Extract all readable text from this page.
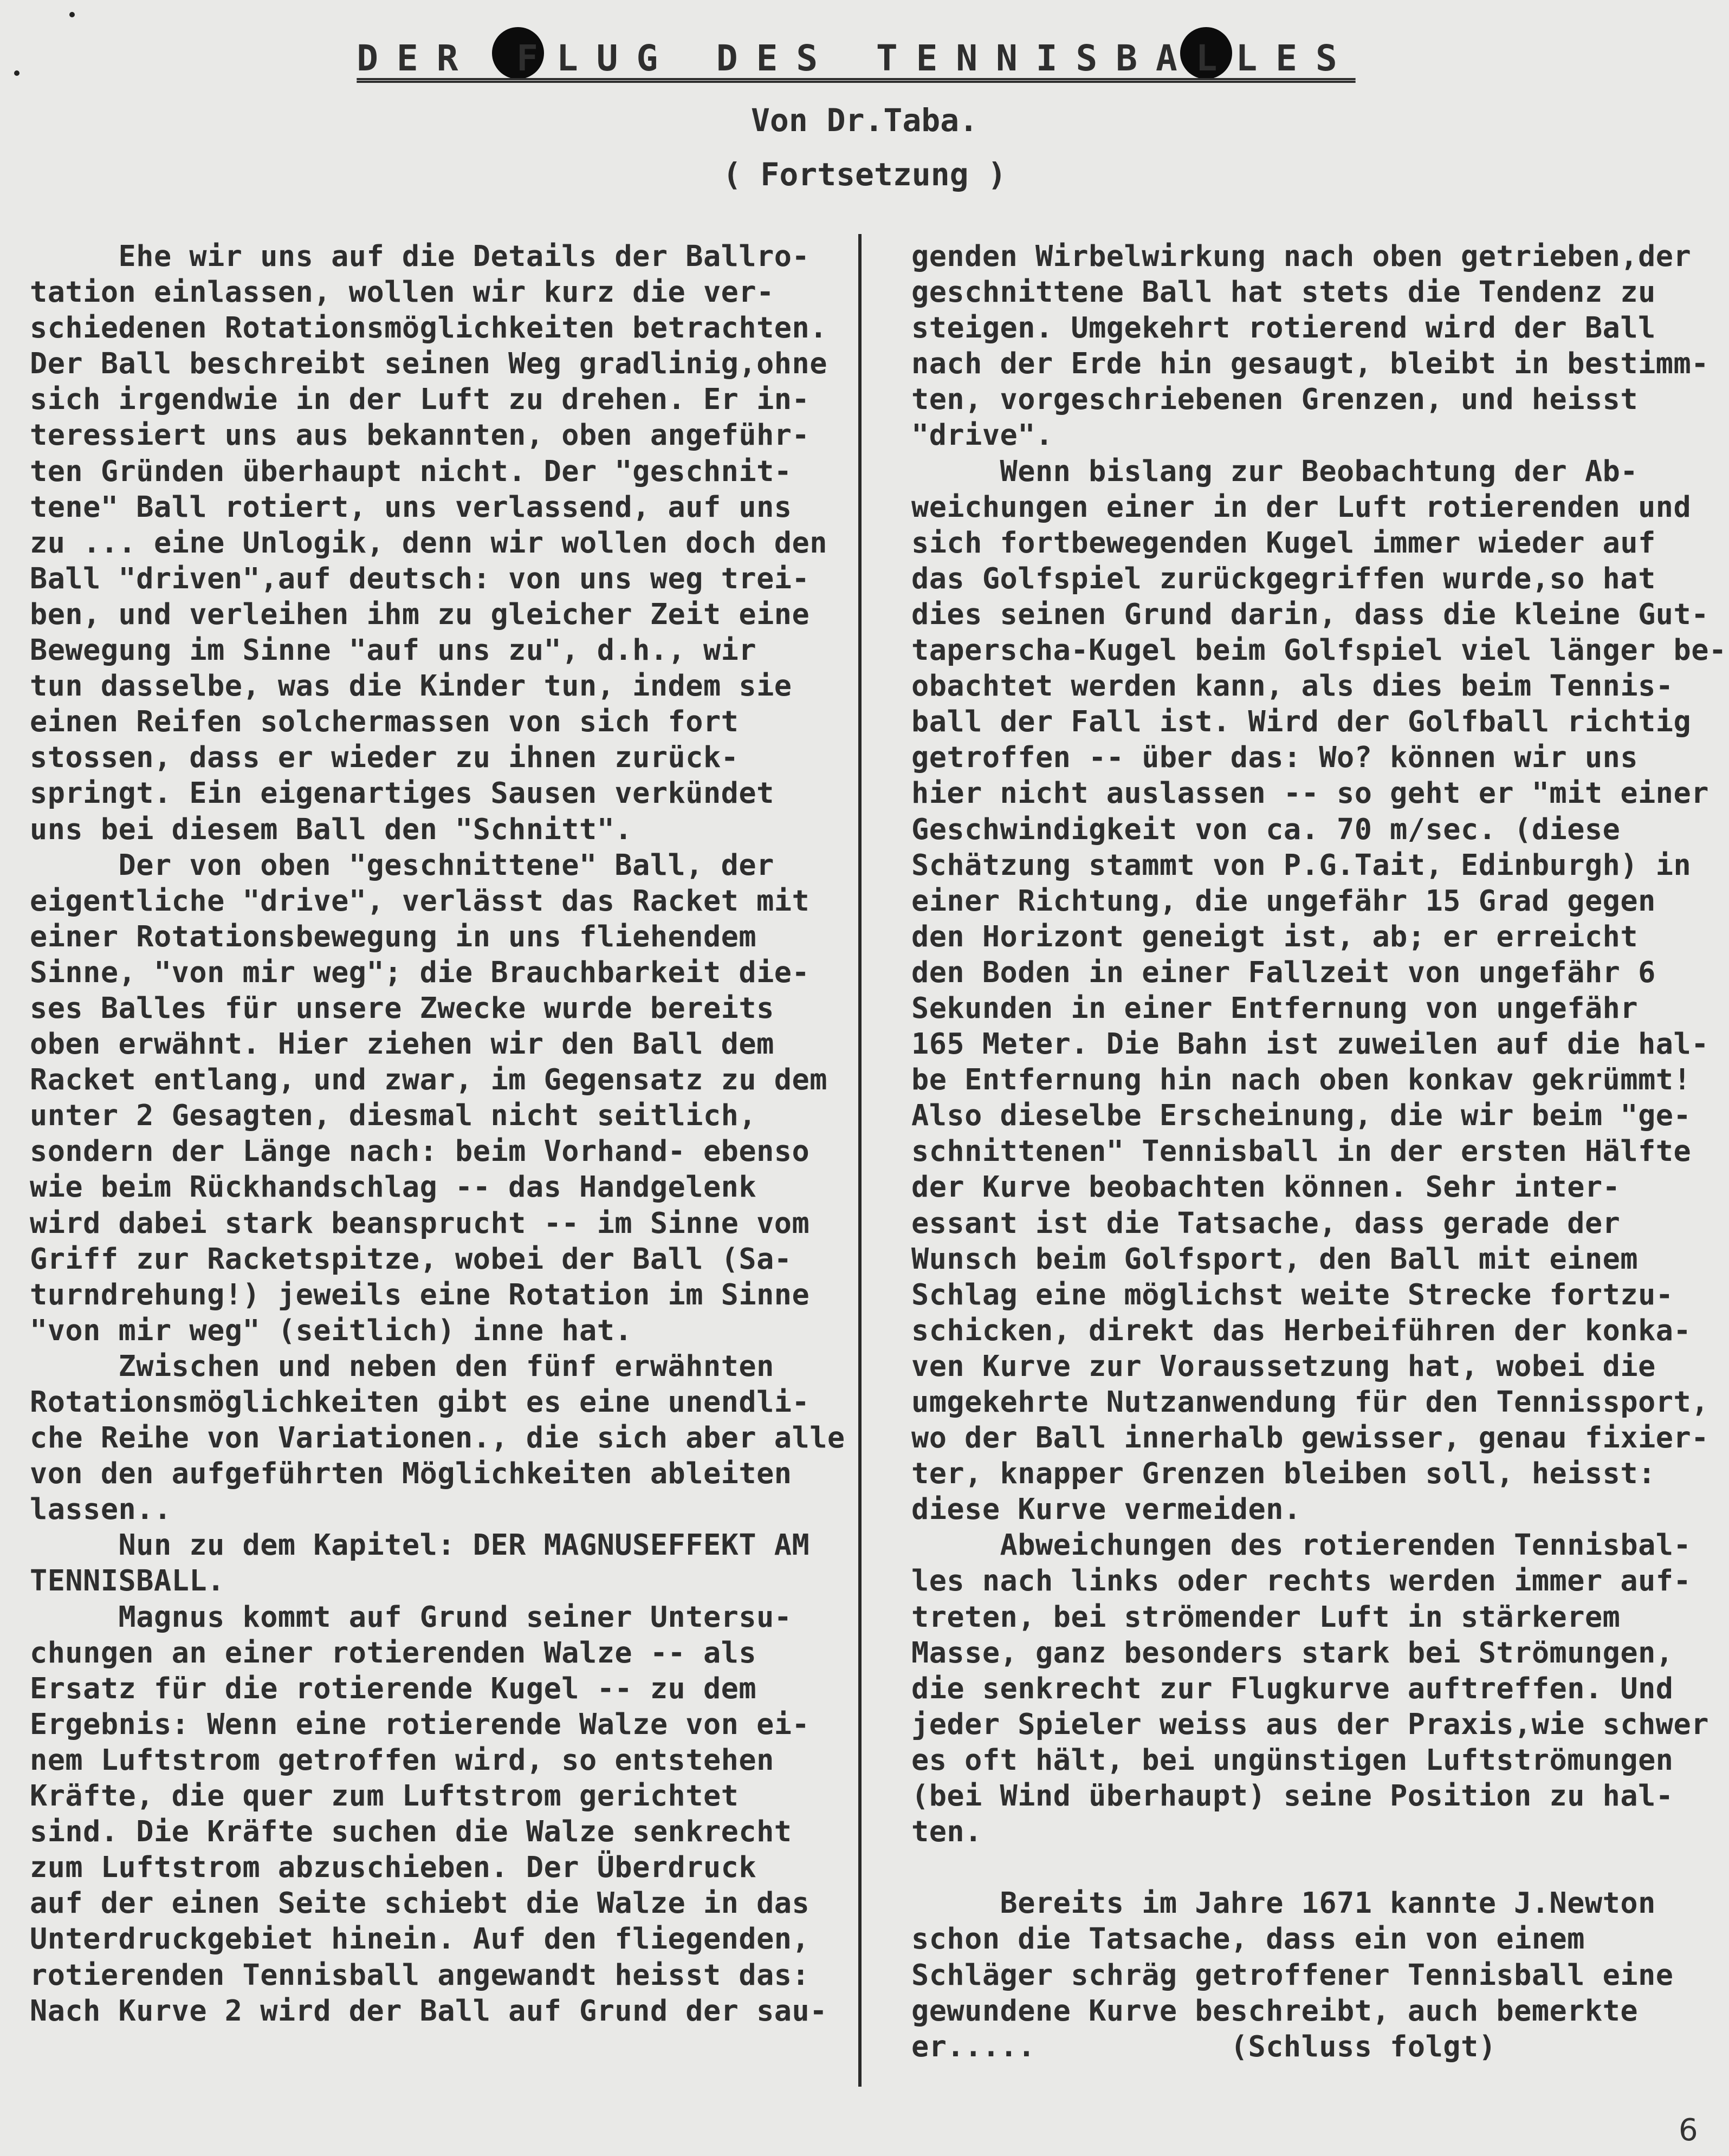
DER FLUG DES TENNISBALLES
Von Dr.Taba.
( Fortsetzung )
Ehe wir uns auf die Details der Ballro-
tation einlassen, wollen wir kurz die ver-
schiedenen Rotationsmöglichkeiten betrachten.
Der Ball beschreibt seinen Weg gradlinig,ohne
sich irgendwie in der Luft zu drehen. Er in-
teressiert uns aus bekannten, oben angeführ-
ten Gründen überhaupt nicht. Der "geschnit-
tene" Ball rotiert, uns verlassend, auf uns
zu ... eine Unlogik, denn wir wollen doch den
Ball "driven",auf deutsch: von uns weg trei-
ben, und verleihen ihm zu gleicher Zeit eine
Bewegung im Sinne "auf uns zu", d.h., wir
tun dasselbe, was die Kinder tun, indem sie
einen Reifen solchermassen von sich fort
stossen, dass er wieder zu ihnen zurück-
springt. Ein eigenartiges Sausen verkündet
uns bei diesem Ball den "Schnitt".
Der von oben "geschnittene" Ball, der
eigentliche "drive", verlässt das Racket mit
einer Rotationsbewegung in uns fliehendem
Sinne, "von mir weg"; die Brauchbarkeit die-
ses Balles für unsere Zwecke wurde bereits
oben erwähnt. Hier ziehen wir den Ball dem
Racket entlang, und zwar, im Gegensatz zu dem
unter 2 Gesagten, diesmal nicht seitlich,
sondern der Länge nach: beim Vorhand- ebenso
wie beim Rückhandschlag -- das Handgelenk
wird dabei stark beansprucht -- im Sinne vom
Griff zur Racketspitze, wobei der Ball (Sa-
turndrehung!) jeweils eine Rotation im Sinne
"von mir weg" (seitlich) inne hat.
Zwischen und neben den fünf erwähnten
Rotationsmöglichkeiten gibt es eine unendli-
che Reihe von Variationen., die sich aber alle
von den aufgeführten Möglichkeiten ableiten
lassen..
Nun zu dem Kapitel: DER MAGNUSEFFEKT AM
TENNISBALL.
Magnus kommt auf Grund seiner Untersu-
chungen an einer rotierenden Walze -- als
Ersatz für die rotierende Kugel -- zu dem
Ergebnis: Wenn eine rotierende Walze von ei-
nem Luftstrom getroffen wird, so entstehen
Kräfte, die quer zum Luftstrom gerichtet
sind. Die Kräfte suchen die Walze senkrecht
zum Luftstrom abzuschieben. Der Überdruck
auf der einen Seite schiebt die Walze in das
Unterdruckgebiet hinein. Auf den fliegenden,
rotierenden Tennisball angewandt heisst das:
Nach Kurve 2 wird der Ball auf Grund der sau-
genden Wirbelwirkung nach oben getrieben,der
geschnittene Ball hat stets die Tendenz zu
steigen. Umgekehrt rotierend wird der Ball
nach der Erde hin gesaugt, bleibt in bestimm-
ten, vorgeschriebenen Grenzen, und heisst
"drive".
Wenn bislang zur Beobachtung der Ab-
weichungen einer in der Luft rotierenden und
sich fortbewegenden Kugel immer wieder auf
das Golfspiel zurückgegriffen wurde,so hat
dies seinen Grund darin, dass die kleine Gut-
taperscha-Kugel beim Golfspiel viel länger be-
obachtet werden kann, als dies beim Tennis-
ball der Fall ist. Wird der Golfball richtig
getroffen -- über das: Wo? können wir uns
hier nicht auslassen -- so geht er "mit einer
Geschwindigkeit von ca. 70 m/sec. (diese
Schätzung stammt von P.G.Tait, Edinburgh) in
einer Richtung, die ungefähr 15 Grad gegen
den Horizont geneigt ist, ab; er erreicht
den Boden in einer Fallzeit von ungefähr 6
Sekunden in einer Entfernung von ungefähr
165 Meter. Die Bahn ist zuweilen auf die hal-
be Entfernung hin nach oben konkav gekrümmt!
Also dieselbe Erscheinung, die wir beim "ge-
schnittenen" Tennisball in der ersten Hälfte
der Kurve beobachten können. Sehr inter-
essant ist die Tatsache, dass gerade der
Wunsch beim Golfsport, den Ball mit einem
Schlag eine möglichst weite Strecke fortzu-
schicken, direkt das Herbeiführen der konka-
ven Kurve zur Voraussetzung hat, wobei die
umgekehrte Nutzanwendung für den Tennissport,
wo der Ball innerhalb gewisser, genau fixier-
ter, knapper Grenzen bleiben soll, heisst:
diese Kurve vermeiden.
Abweichungen des rotierenden Tennisbal-
les nach links oder rechts werden immer auf-
treten, bei strömender Luft in stärkerem
Masse, ganz besonders stark bei Strömungen,
die senkrecht zur Flugkurve auftreffen. Und
jeder Spieler weiss aus der Praxis,wie schwer
es oft hält, bei ungünstigen Luftströmungen
(bei Wind überhaupt) seine Position zu hal-
ten.
Bereits im Jahre 1671 kannte J.Newton
schon die Tatsache, dass ein von einem
Schläger schräg getroffener Tennisball eine
gewundene Kurve beschreibt, auch bemerkte
er.....           (Schluss folgt)
6
